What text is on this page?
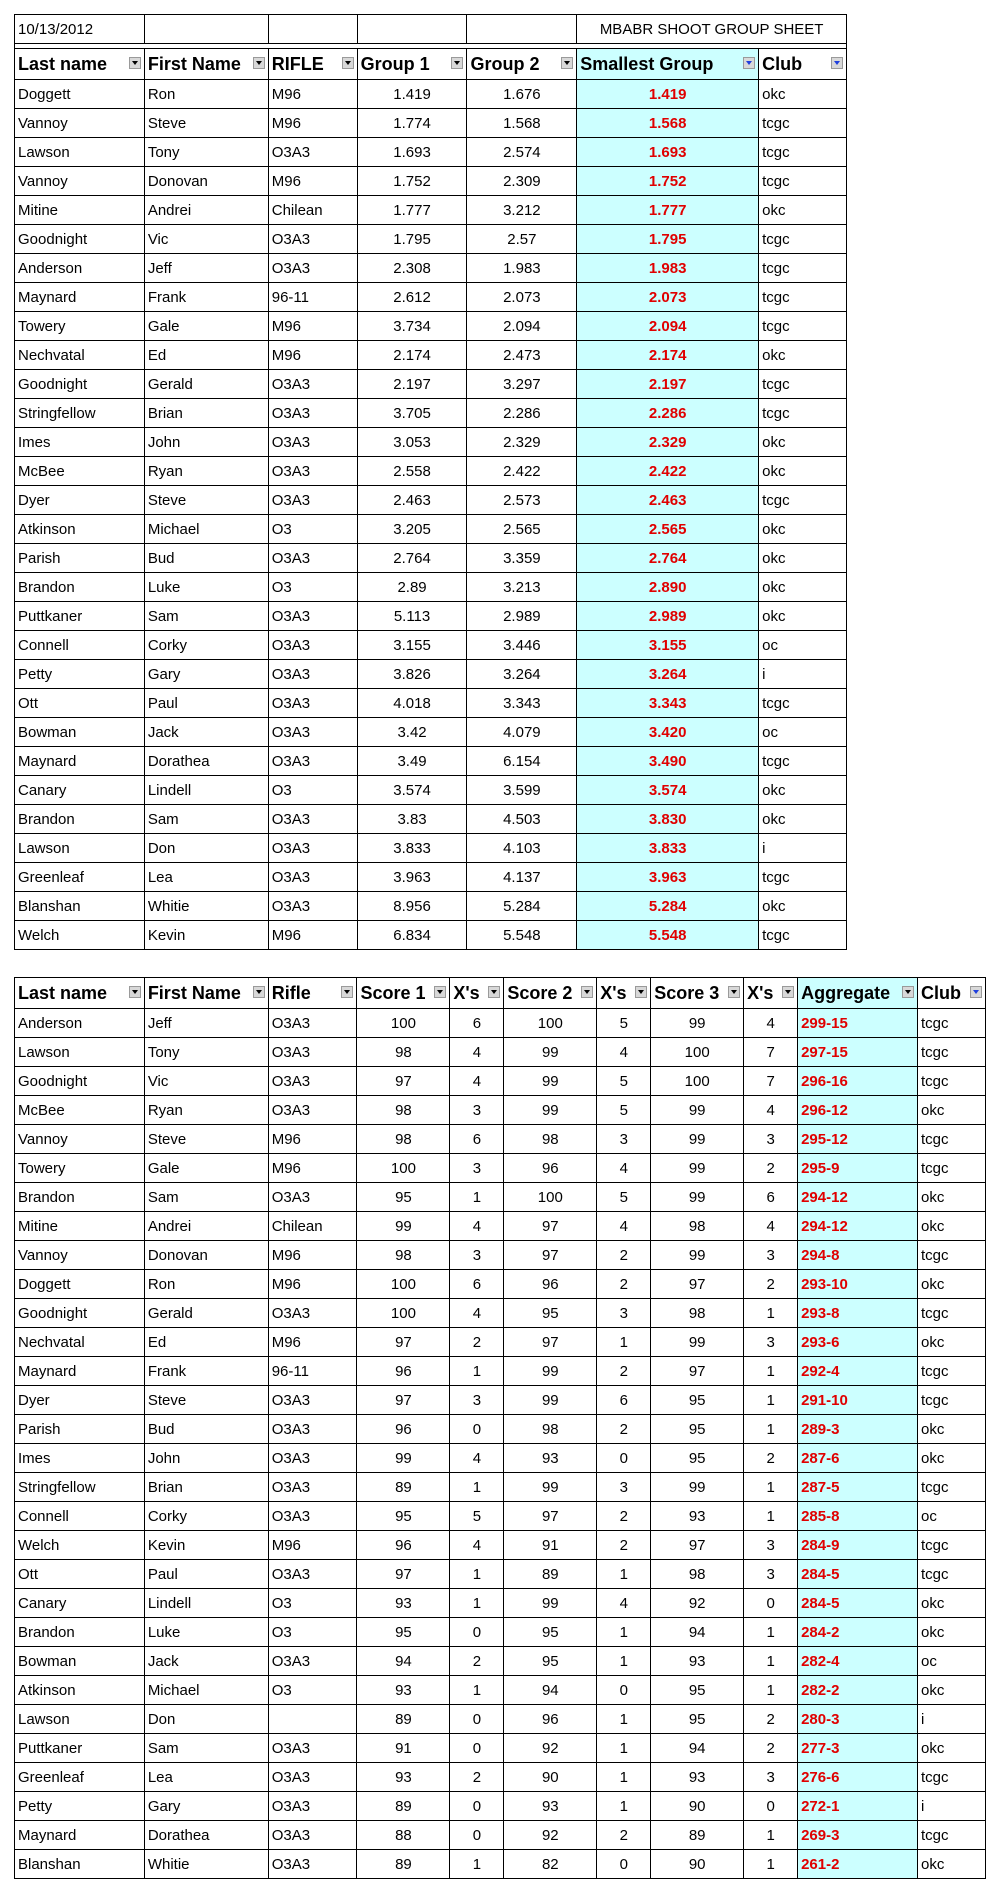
10/13/2012					MBABR SHOOT GROUP SHEET	

Last name	First Name	RIFLE	Group 1	Group 2	Smallest Group	Club

Doggett	Ron	M96	1.419	1.676	1.419	okc
Vannoy	Steve	M96	1.774	1.568	1.568	tcgc
Lawson	Tony	O3A3	1.693	2.574	1.693	tcgc
Vannoy	Donovan	M96	1.752	2.309	1.752	tcgc
Mitine	Andrei	Chilean	1.777	3.212	1.777	okc
Goodnight	Vic	O3A3	1.795	2.57	1.795	tcgc
Anderson	Jeff	O3A3	2.308	1.983	1.983	tcgc
Maynard	Frank	96-11	2.612	2.073	2.073	tcgc
Towery	Gale	M96	3.734	2.094	2.094	tcgc
Nechvatal	Ed	M96	2.174	2.473	2.174	okc
Goodnight	Gerald	O3A3	2.197	3.297	2.197	tcgc
Stringfellow	Brian	O3A3	3.705	2.286	2.286	tcgc
Imes	John	O3A3	3.053	2.329	2.329	okc
McBee	Ryan	O3A3	2.558	2.422	2.422	okc
Dyer	Steve	O3A3	2.463	2.573	2.463	tcgc
Atkinson	Michael	O3	3.205	2.565	2.565	okc
Parish	Bud	O3A3	2.764	3.359	2.764	okc
Brandon	Luke	O3	2.89	3.213	2.890	okc
Puttkaner	Sam	O3A3	5.113	2.989	2.989	okc
Connell	Corky	O3A3	3.155	3.446	3.155	oc
Petty	Gary	O3A3	3.826	3.264	3.264	i
Ott	Paul	O3A3	4.018	3.343	3.343	tcgc
Bowman	Jack	O3A3	3.42	4.079	3.420	oc
Maynard	Dorathea	O3A3	3.49	6.154	3.490	tcgc
Canary	Lindell	O3	3.574	3.599	3.574	okc
Brandon	Sam	O3A3	3.83	4.503	3.830	okc
Lawson	Don	O3A3	3.833	4.103	3.833	i
Greenleaf	Lea	O3A3	3.963	4.137	3.963	tcgc
Blanshan	Whitie	O3A3	8.956	5.284	5.284	okc
Welch	Kevin	M96	6.834	5.548	5.548	tcgc
Last name	First Name	Rifle	Score 1	X's	Score 2	X's	Score 3	X's	Aggregate	Club

Anderson	Jeff	O3A3	100	6	100	5	99	4	299-15	tcgc
Lawson	Tony	O3A3	98	4	99	4	100	7	297-15	tcgc
Goodnight	Vic	O3A3	97	4	99	5	100	7	296-16	tcgc
McBee	Ryan	O3A3	98	3	99	5	99	4	296-12	okc
Vannoy	Steve	M96	98	6	98	3	99	3	295-12	tcgc
Towery	Gale	M96	100	3	96	4	99	2	295-9	tcgc
Brandon	Sam	O3A3	95	1	100	5	99	6	294-12	okc
Mitine	Andrei	Chilean	99	4	97	4	98	4	294-12	okc
Vannoy	Donovan	M96	98	3	97	2	99	3	294-8	tcgc
Doggett	Ron	M96	100	6	96	2	97	2	293-10	okc
Goodnight	Gerald	O3A3	100	4	95	3	98	1	293-8	tcgc
Nechvatal	Ed	M96	97	2	97	1	99	3	293-6	okc
Maynard	Frank	96-11	96	1	99	2	97	1	292-4	tcgc
Dyer	Steve	O3A3	97	3	99	6	95	1	291-10	tcgc
Parish	Bud	O3A3	96	0	98	2	95	1	289-3	okc
Imes	John	O3A3	99	4	93	0	95	2	287-6	okc
Stringfellow	Brian	O3A3	89	1	99	3	99	1	287-5	tcgc
Connell	Corky	O3A3	95	5	97	2	93	1	285-8	oc
Welch	Kevin	M96	96	4	91	2	97	3	284-9	tcgc
Ott	Paul	O3A3	97	1	89	1	98	3	284-5	tcgc
Canary	Lindell	O3	93	1	99	4	92	0	284-5	okc
Brandon	Luke	O3	95	0	95	1	94	1	284-2	okc
Bowman	Jack	O3A3	94	2	95	1	93	1	282-4	oc
Atkinson	Michael	O3	93	1	94	0	95	1	282-2	okc
Lawson	Don		89	0	96	1	95	2	280-3	i
Puttkaner	Sam	O3A3	91	0	92	1	94	2	277-3	okc
Greenleaf	Lea	O3A3	93	2	90	1	93	3	276-6	tcgc
Petty	Gary	O3A3	89	0	93	1	90	0	272-1	i
Maynard	Dorathea	O3A3	88	0	92	2	89	1	269-3	tcgc
Blanshan	Whitie	O3A3	89	1	82	0	90	1	261-2	okc
